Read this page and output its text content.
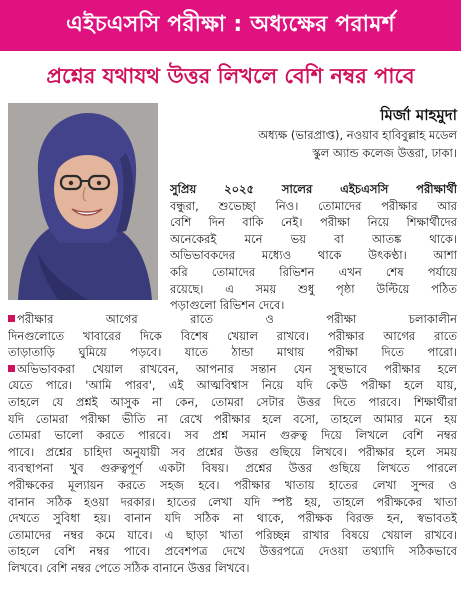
এইচএসসি পরীক্ষা : অধ্যক্ষের পরামর্শ
প্রশ্নের যথাযথ উত্তর লিখলে বেশি নম্বর পাবে
মির্জা মাহমুদা
অধ্যক্ষ (ভারপ্রাপ্ত), নওয়াব হাবিবুল্লাহ মডেল
স্কুল অ্যান্ড কলেজ উত্তরা, ঢাকা।
সুপ্রিয় ২০২৫ সালের এইচএসসি পরীক্ষার্থী
বন্ধুরা, শুভেচ্ছা নিও। তোমাদের পরীক্ষার আর
বেশি দিন বাকি নেই। পরীক্ষা নিয়ে শিক্ষার্থীদের
অনেকেরই মনে ভয় বা আতঙ্ক থাকে।
অভিভাবকদের মধ্যেও থাকে উৎকণ্ঠা। আশা
করি তোমাদের রিভিশন এখন শেষ পর্যায়ে
রয়েছে। এ সময় শুধু পৃষ্ঠা উল্টিয়ে পঠিত
পড়াগুলো রিভিশন দেবে।
পরীক্ষার আগের রাতে ও পরীক্ষা চলাকালীন
দিনগুলোতে খাবারের দিকে বিশেষ খেয়াল রাখবে। পরীক্ষার আগের রাতে
তাড়াতাড়ি ঘুমিয়ে পড়বে। যাতে ঠান্ডা মাথায় পরীক্ষা দিতে পারো।
অভিভাবকরা খেয়াল রাখবেন, আপনার সন্তান যেন সুস্থভাবে পরীক্ষার হলে
যেতে পারে। 'আমি পারব', এই আত্মবিশ্বাস নিয়ে যদি কেউ পরীক্ষা হলে যায়,
তাহলে যে প্রশ্নই আসুক না কেন, তোমরা সেটার উত্তর দিতে পারবে। শিক্ষার্থীরা
যদি তোমরা পরীক্ষা ভীতি না রেখে পরীক্ষার হলে বসো, তাহলে আমার মনে হয়
তোমরা ভালো করতে পারবে। সব প্রশ্ন সমান গুরুত্ব দিয়ে লিখলে বেশি নম্বর
পাবে। প্রশ্নের চাহিদা অনুযায়ী সব প্রশ্নের উত্তর গুছিয়ে লিখবে। পরীক্ষার হলে সময়
ব্যবস্থাপনা খুব গুরুত্বপূর্ণ একটা বিষয়। প্রশ্নের উত্তর গুছিয়ে লিখতে পারলে
পরীক্ষকের মূল্যায়ন করতে সহজ হবে। পরীক্ষার খাতায় হাতের লেখা সুন্দর ও
বানান সঠিক হওয়া দরকার। হাতের লেখা যদি স্পষ্ট হয়, তাহলে পরীক্ষকের খাতা
দেখতে সুবিধা হয়। বানান যদি সঠিক না থাকে, পরীক্ষক বিরক্ত হন, স্বভাবতই
তোমাদের নম্বর কমে যাবে। এ ছাড়া খাতা পরিচ্ছন্ন রাখার বিষয়ে খেয়াল রাখবে।
তাহলে বেশি নম্বর পাবে। প্রবেশপত্র দেখে উত্তরপত্রে দেওয়া তথ্যাদি সঠিকভাবে
লিখবে। বেশি নম্বর পেতে সঠিক বানানে উত্তর লিখবে।
